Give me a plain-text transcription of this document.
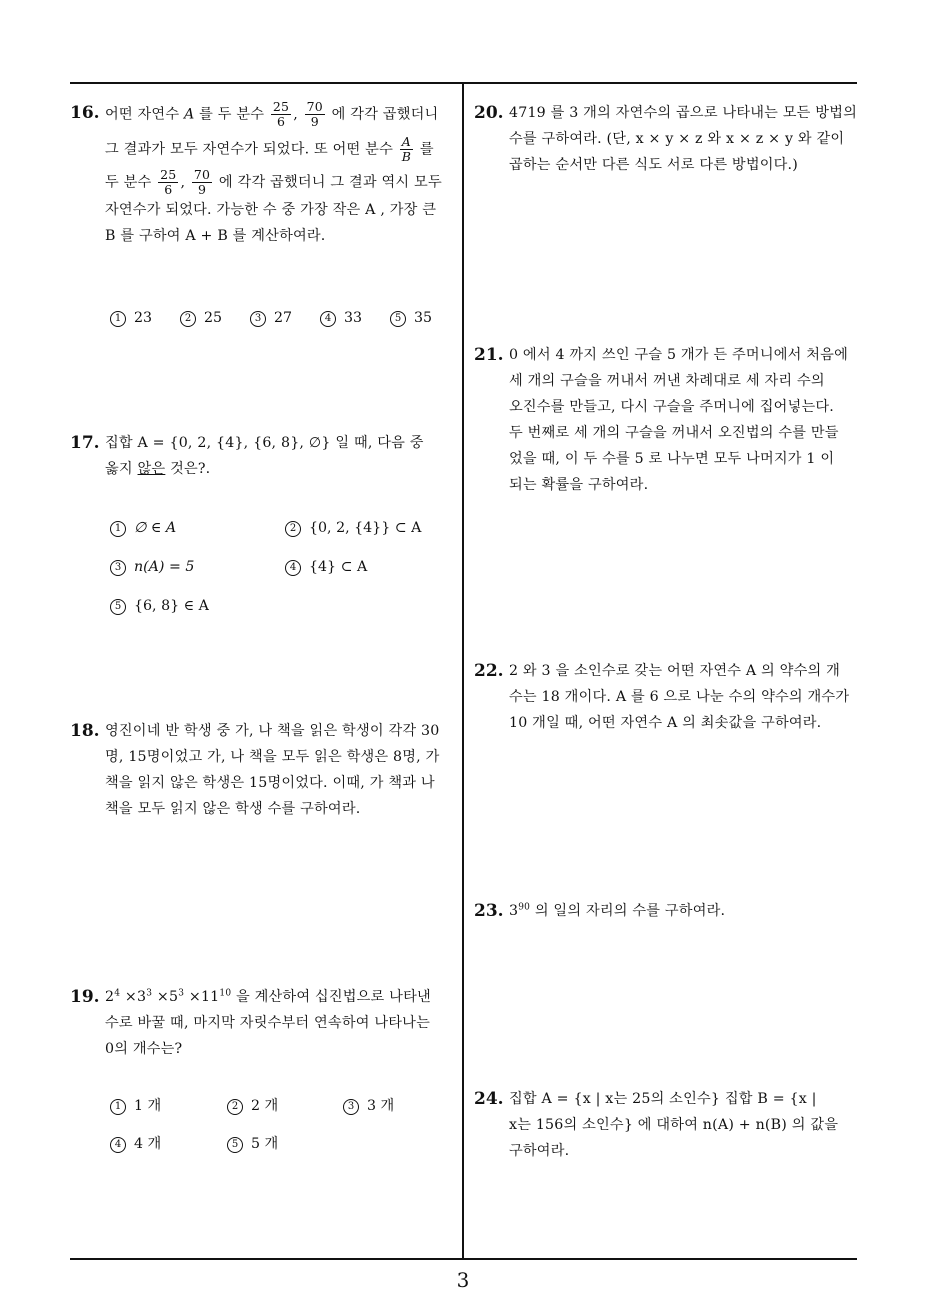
16. 어떤 자연수 A 를 두 분수 $\frac{25}{6}$ , $\frac{70}{9}$ 에 각각 곱했더니
그 결과가 모두 자연수가 되었다. 또 어떤 분수 $\frac{A}{B}$ 를
두 분수 $\frac{25}{6}$ , $\frac{70}{9}$ 에 각각 곱했더니 그 결과 역시 모두
자연수가 되었다. 가능한 수 중 가장 작은 A , 가장 큰
B 를 구하여 A + B 를 계산하여라.
1 23	2 25	3 27	4 33	5 35
17. 집합 A = {0, 2, {4}, {6, 8}, ∅} 일 때, 다음 중
옳지 않은 것은?.
1 ∅ ∈ A	2 {0, 2, {4}} ⊂ A
3 n(A) = 5	4 {4} ⊂ A
5 {6, 8} ∈ A
18. 영진이네 반 학생 중 가, 나 책을 읽은 학생이 각각 30
명, 15명이었고 가, 나 책을 모두 읽은 학생은 8명, 가
책을 읽지 않은 학생은 15명이었다. 이때, 가 책과 나
책을 모두 읽지 않은 학생 수를 구하여라.
19. $2^4 \times 3^3 \times 5^3 \times 11^{10}$ 을 계산하여 십진법으로 나타낸
수로 바꿀 때, 마지막 자릿수부터 연속하여 나타나는
0의 개수는?
1 1 개	2 2 개	3 3 개
4 4 개	5 5 개
20. 4719 를 3 개의 자연수의 곱으로 나타내는 모든 방법의
수를 구하여라. (단, x × y × z 와 x × z × y 와 같이
곱하는 순서만 다른 식도 서로 다른 방법이다.)
21. 0 에서 4 까지 쓰인 구슬 5 개가 든 주머니에서 처음에
세 개의 구슬을 꺼내서 꺼낸 차례대로 세 자리 수의
오진수를 만들고, 다시 구슬을 주머니에 집어넣는다.
두 번째로 세 개의 구슬을 꺼내서 오진법의 수를 만들
었을 때, 이 두 수를 5 로 나누면 모두 나머지가 1 이
되는 확률을 구하여라.
22. 2 와 3 을 소인수로 갖는 어떤 자연수 A 의 약수의 개
수는 18 개이다. A 를 6 으로 나눈 수의 약수의 개수가
10 개일 때, 어떤 자연수 A 의 최솟값을 구하여라.
23. $3^{90}$ 의 일의 자리의 수를 구하여라.
24. 집합 A = {x | x는 25의 소인수} 집합 B = {x |
x는 156의 소인수} 에 대하여 n(A) + n(B) 의 값을
구하여라.
3
